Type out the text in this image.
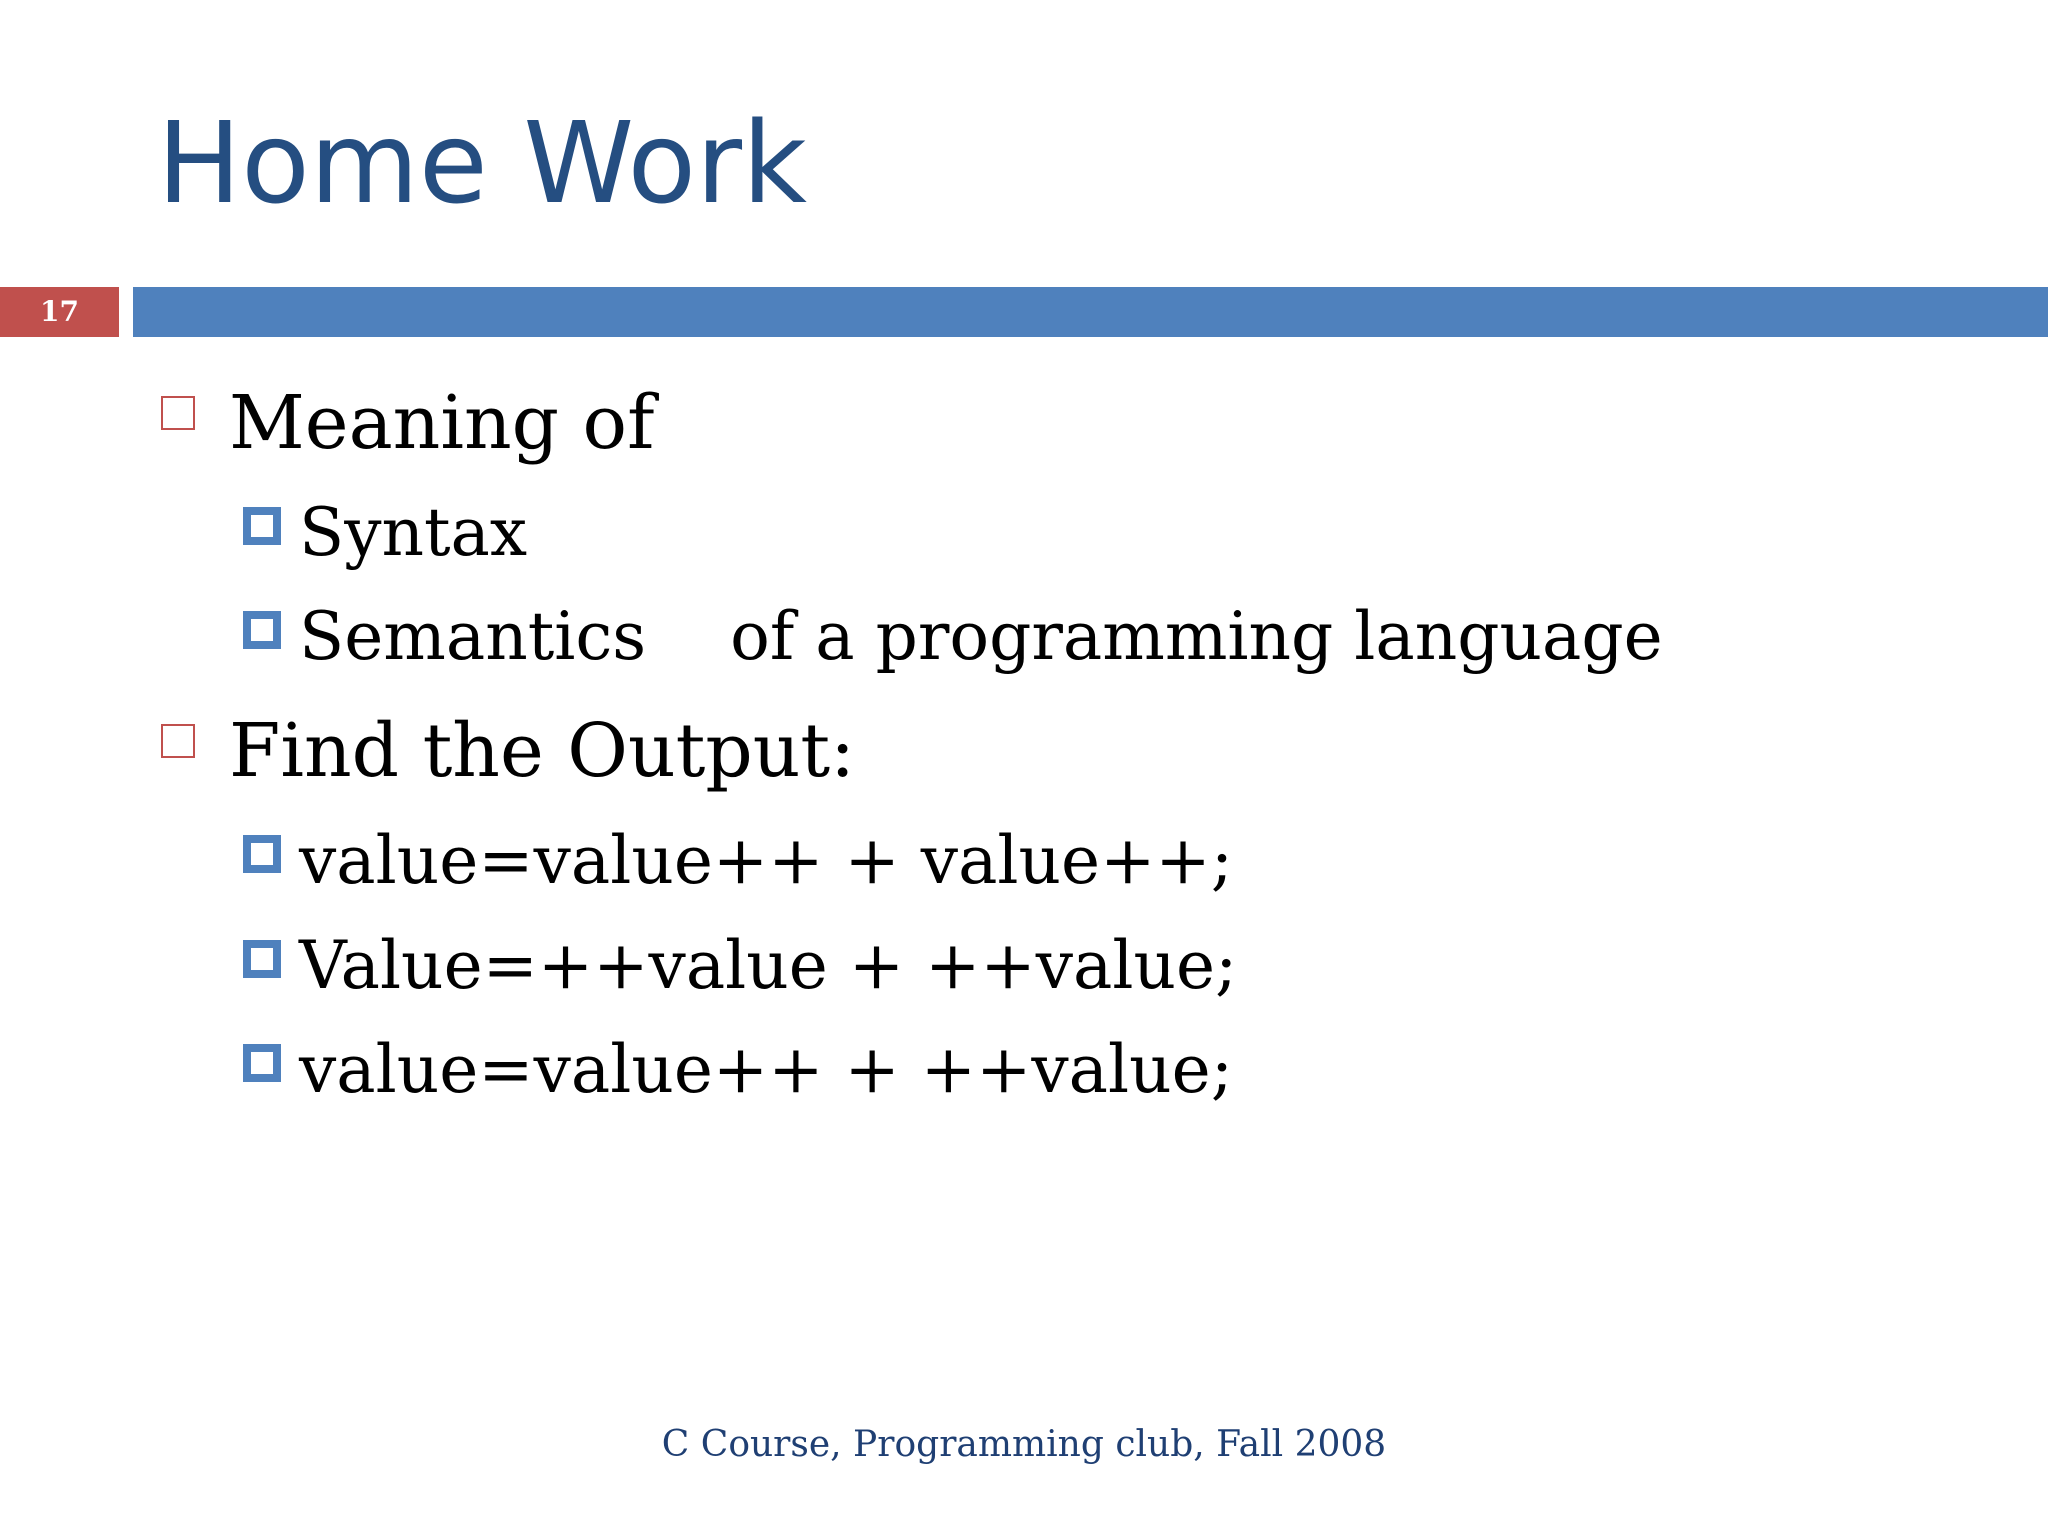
Home Work
17
Meaning of
Syntax
Semantics    of a programming language
Find the Output:
value=value++ + value++;
Value=++value + ++value;
value=value++ + ++value;
C Course, Programming club, Fall 2008
